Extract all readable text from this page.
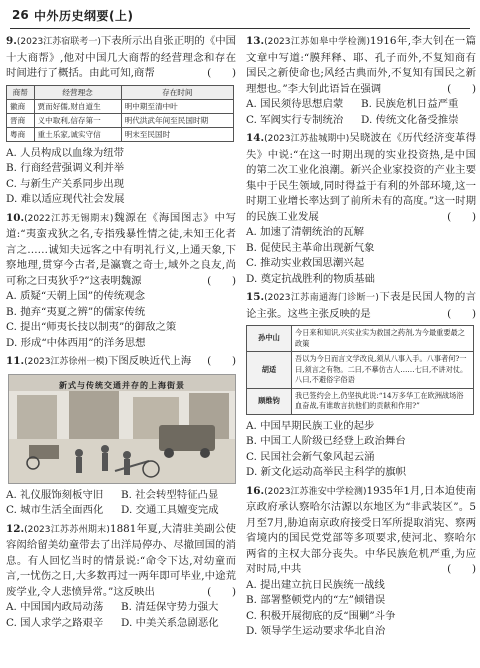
26 中外历史纲要(上)
9.(2023江苏宿联考一)下表所示出自张正明的《中国十大商帮》,他对中国几大商帮的经营理念和存在时间进行了概括。由此可知,商帮	(　　)
商帮	经营理念	存在时间
徽商	贾而好儒,财自道生	明中期至清中叶
晋商	义中取利,信存第一	明代洪武年间至民国时期
粤商	重土乐家,诚实守信	明末至民国时
A. 人员构成以血缘为纽带
B. 行商经营强调义利并举
C. 与新生产关系同步出现
D. 难以适应现代社会发展
10.(2022江苏无锡期末)魏源在《海国图志》中写道:“夷蛮戎狄之名,专指残暴性情之徒,未知王化者言之……诚知夫远客之中有明礼行义,上通天象,下察地理,贯穿今古者,是瀛寰之奇士,域外之良友,尚可称之曰夷狄乎?”这表明魏源	(　　)
A. 质疑“天朝上国”的传统观念
B. 抛弃“夷夏之辨”的儒家传统
C. 提出“师夷长技以制夷”的御敌之策
D. 形成“中体西用”的洋务思想
11.(2023江苏徐州一模)下图反映近代上海 (　　)
新式与传统交通并存的上海街景
A. 礼仪服饰刻板守旧	B. 社会转型特征凸显
C. 城市生活全面西化	D. 交通工具嬗变完成
12.(2023江苏苏州期末)1881年夏,大清驻美副公使容闳给留美幼童带去了出洋局停办、尽撤回国的消息。有人回忆当时的情景说:“命令下达,对幼童而言,一忧伤之日,大多数再过一两年即可毕业,中途荒废学业,令人悲愤异常。”这反映出	(　　)
A. 中国国内政局动荡	B. 清廷保守势力强大
C. 国人求学之路艰辛	D. 中美关系急剧恶化
13.(2023江苏如皋中学检测)1916年,李大钊在一篇文章中写道:“膜拜释、耶、孔子而外,不复知商有国民之新使命也;风经古典而外,不复知有国民之新理想也。”李大钊此语旨在强调	(　　)
A. 国民须待思想启蒙	B. 民族危机日益严重
C. 军阀实行专制统治	D. 传统文化备受推崇
14.(2023江苏盐城期中)吴晓波在《历代经济变革得失》中说:“在这一时期出现的实业投资热,是中国的第二次工业化浪潮。新兴企业家投资的产业主要集中于民生领域,同时得益于有利的外部环境,这一时期工业增长率达到了前所未有的高度。”这一时期的民族工业发展	(　　)
A. 加速了清朝统治的瓦解
B. 促使民主革命出现新气象
C. 推动实业救国思潮兴起
D. 奠定抗战胜利的物质基础
15.(2023江苏南通海门诊断一)下表是民国人物的言论主张。这些主张反映的是	(　　)
孙中山	今日来和知识,兴实业实为救国之药剂,为今最重要最之政策
胡适	吾以为今日而言文学改良,须从八事入手。八事者何?一曰,须言之有物。二曰,不摹仿古人……七曰,不讲对仗。八曰,不避俗字俗语
顾维钧	我已签约会上,仍坚执此说:“14万多华工在欧洲战场浴血奋战,有谁敢言抗他们的贡献和作用?”
A. 中国早期民族工业的起步
B. 中国工人阶级已经登上政治舞台
C. 民国社会新气象风起云涌
D. 新文化运动高举民主科学的旗帜
16.(2023江苏淮安中学检测)1935年1月,日本迫使南京政府承认察哈尔沽源以东地区为“非武装区”。5月至7月,胁迫南京政府接受日军所提取消宪、察两省境内的国民党党部等多项要求,使河北、察哈尔两省的主权大部分丧失。中华民族危机严重,为应对时局,中共	(　　)
A. 提出建立抗日民族统一战线
B. 部署整顿党内的“左”倾错误
C. 积极开展彻底的反“围剿”斗争
D. 领导学生运动要求华北自治
